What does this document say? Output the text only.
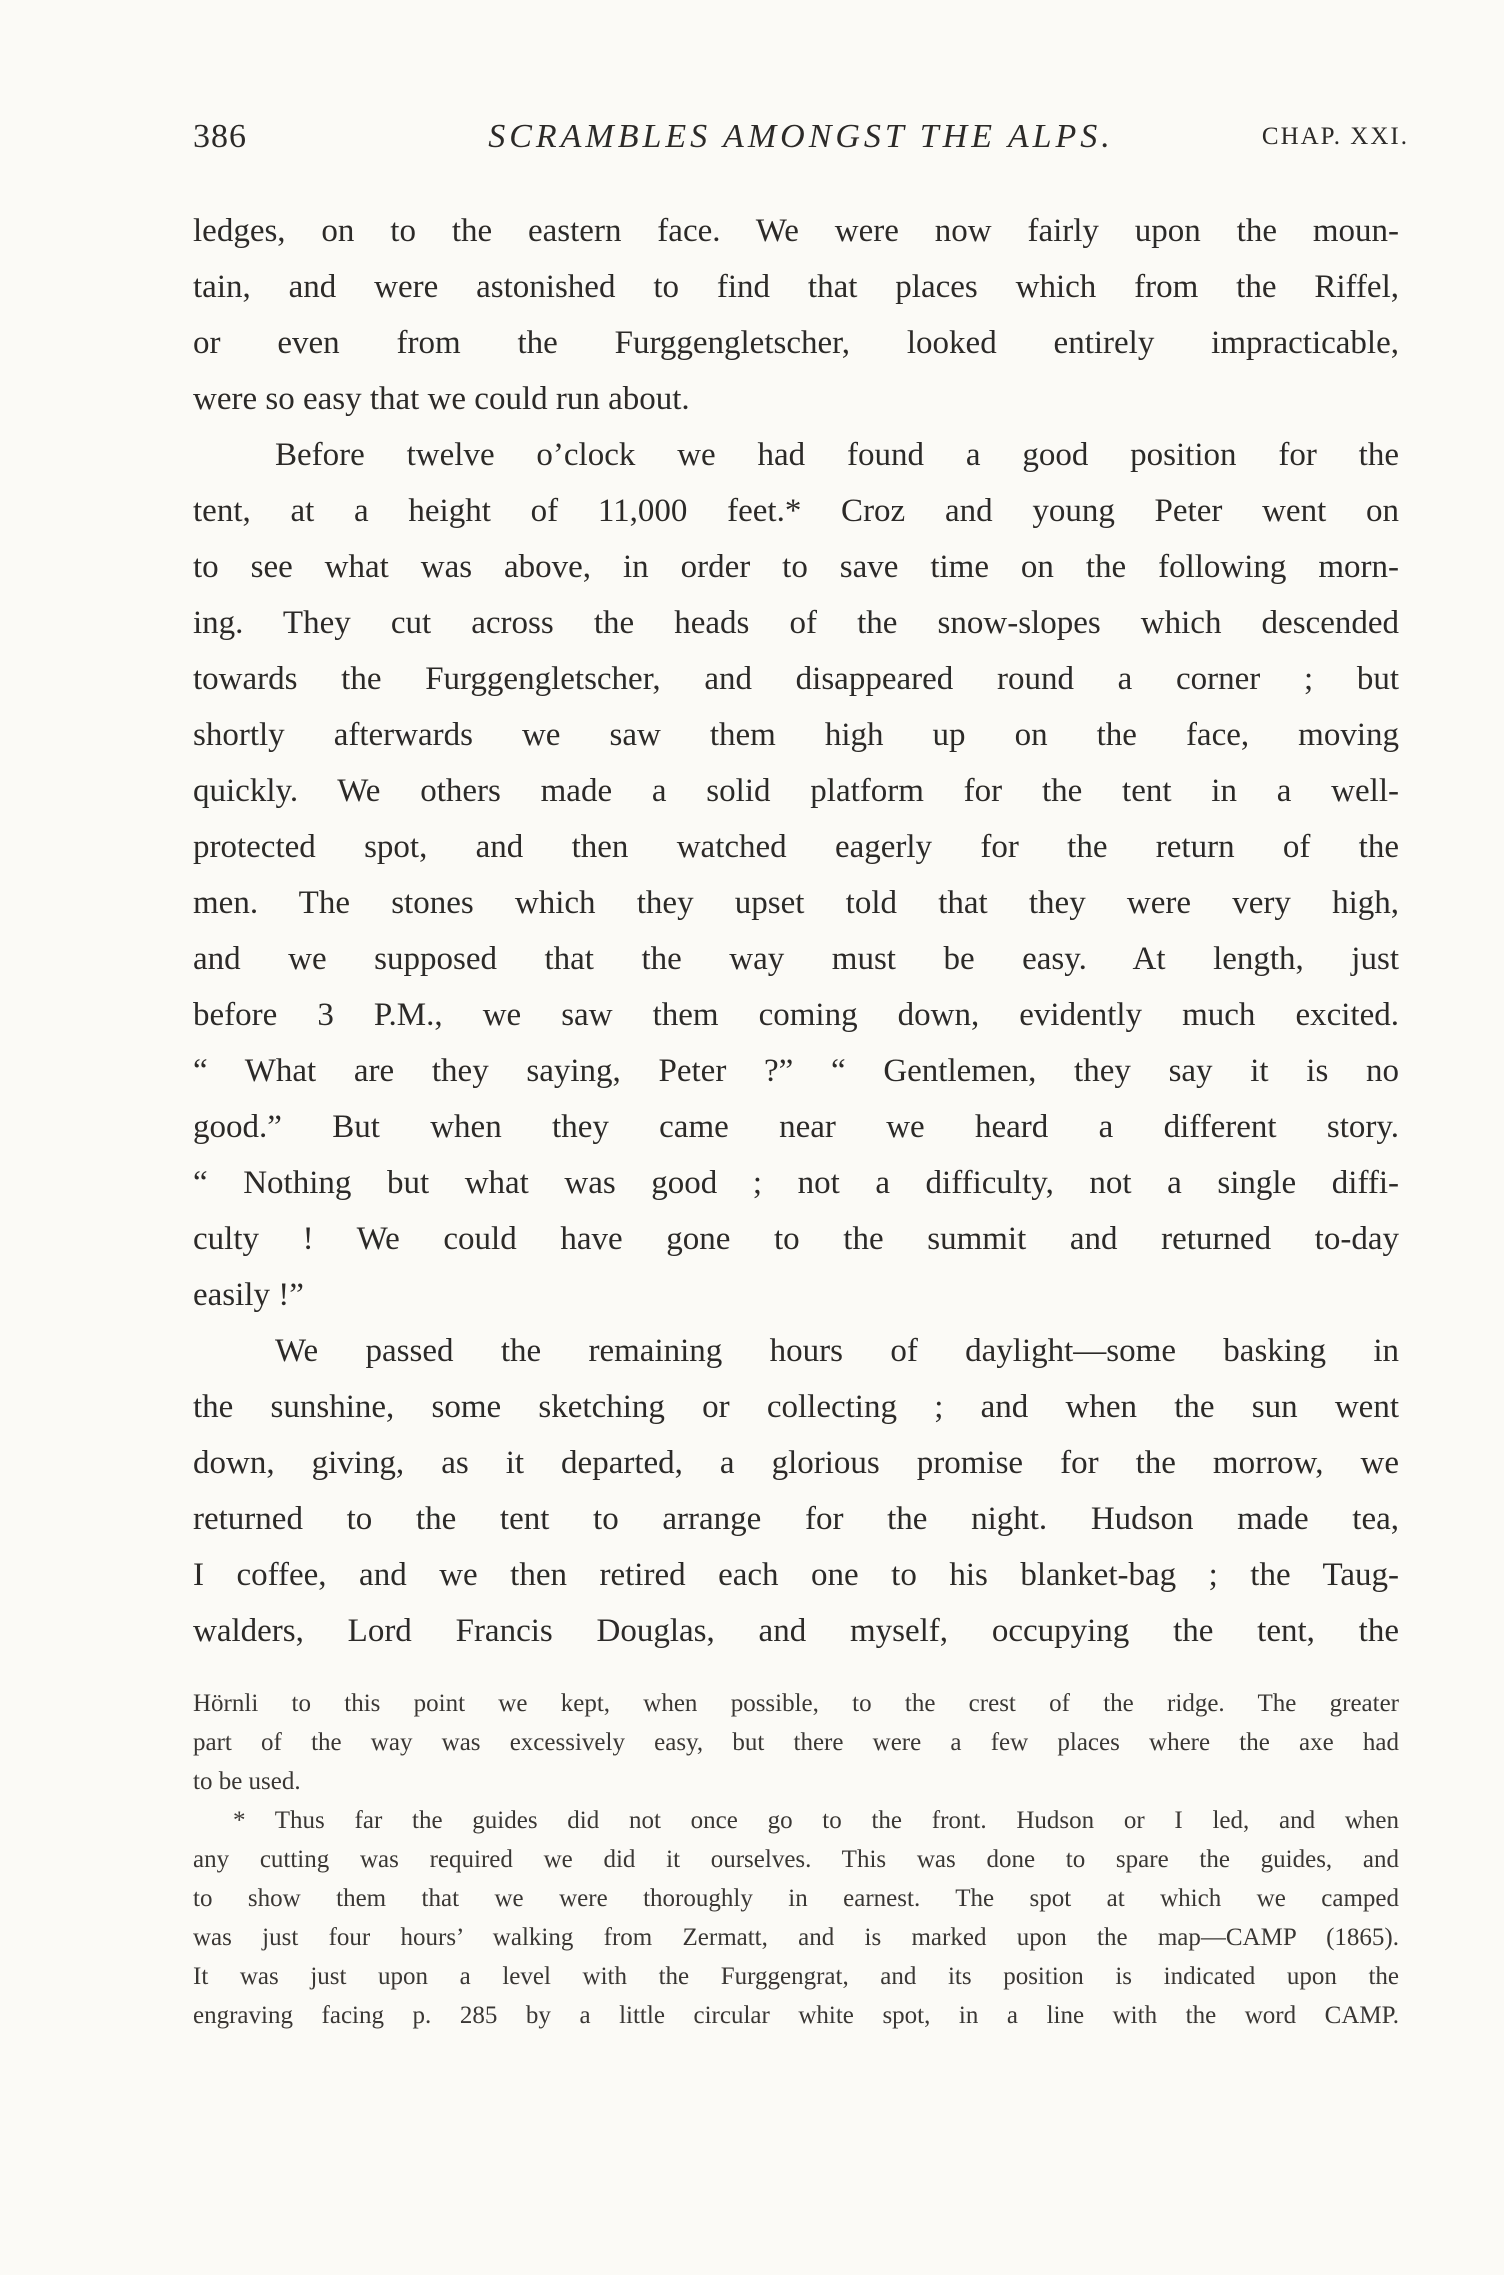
386	SCRAMBLES AMONGST THE ALPS.	CHAP. XXI.
ledges, on to the eastern face. We were now fairly upon the moun-
tain, and were astonished to find that places which from the Riffel,
or even from the Furggengletscher, looked entirely impracticable,
were so easy that we could run about.
Before twelve o’clock we had found a good position for the
tent, at a height of 11,000 feet.* Croz and young Peter went on
to see what was above, in order to save time on the following morn-
ing. They cut across the heads of the snow-slopes which descended
towards the Furggengletscher, and disappeared round a corner ; but
shortly afterwards we saw them high up on the face, moving
quickly. We others made a solid platform for the tent in a well-
protected spot, and then watched eagerly for the return of the
men. The stones which they upset told that they were very high,
and we supposed that the way must be easy. At length, just
before 3 P.M., we saw them coming down, evidently much excited.
“ What are they saying, Peter ?” “ Gentlemen, they say it is no
good.” But when they came near we heard a different story.
“ Nothing but what was good ; not a difficulty, not a single diffi-
culty ! We could have gone to the summit and returned to-day
easily !”
We passed the remaining hours of daylight—some basking in
the sunshine, some sketching or collecting ; and when the sun went
down, giving, as it departed, a glorious promise for the morrow, we
returned to the tent to arrange for the night. Hudson made tea,
I coffee, and we then retired each one to his blanket-bag ; the Taug-
walders, Lord Francis Douglas, and myself, occupying the tent, the
Hörnli to this point we kept, when possible, to the crest of the ridge. The greater
part of the way was excessively easy, but there were a few places where the axe had
to be used.
* Thus far the guides did not once go to the front. Hudson or I led, and when
any cutting was required we did it ourselves. This was done to spare the guides, and
to show them that we were thoroughly in earnest. The spot at which we camped
was just four hours’ walking from Zermatt, and is marked upon the map—CAMP (1865).
It was just upon a level with the Furggengrat, and its position is indicated upon the
engraving facing p. 285 by a little circular white spot, in a line with the word CAMP.
